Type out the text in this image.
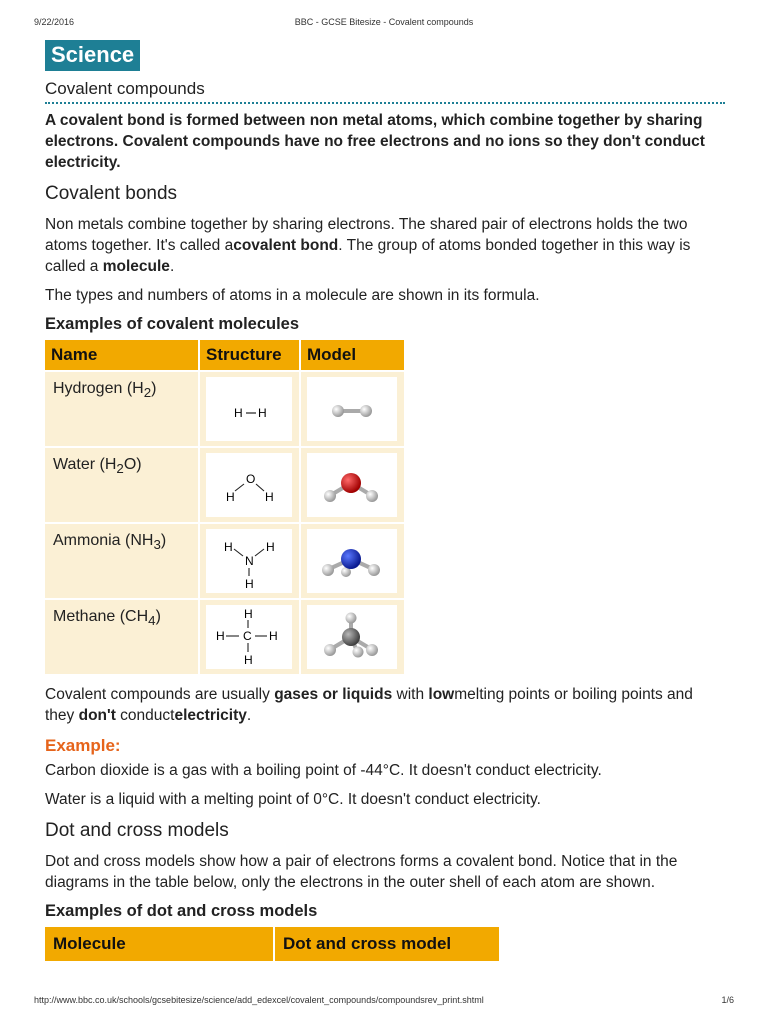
9/22/2016	BBC - GCSE Bitesize - Covalent compounds
Science
Covalent compounds
A covalent bond is formed between non metal atoms, which combine together by sharing electrons. Covalent compounds have no free electrons and no ions so they don't conduct electricity.
Covalent bonds

Non metals combine together by sharing electrons. The shared pair of electrons holds the two atoms together. It's called acovalent bond. The group of atoms bonded together in this way is called a molecule.

The types and numbers of atoms in a molecule are shown in its formula.

Examples of covalent molecules
Name	Structure	Model
Hydrogen $(H_2)$	H H

Water $(H_2O)$	O
H H

Ammonia $(NH_3)$	H H
N
H

Methane $(CH_4)$	H
H C H
H

Covalent compounds are usually gases or liquids with lowmelting points or boiling points and they don't conductelectricity.

Example:

Carbon dioxide is a gas with a boiling point of -44°C. It doesn't conduct electricity.

Water is a liquid with a melting point of 0°C. It doesn't conduct electricity.

Dot and cross models

Dot and cross models show how a pair of electrons forms a covalent bond. Notice that in the diagrams in the table below, only the electrons in the outer shell of each atom are shown.

Examples of dot and cross models
Molecule	Dot and cross model
http://www.bbc.co.uk/schools/gcsebitesize/science/add_edexcel/covalent_compounds/compoundsrev_print.shtml	1/6
